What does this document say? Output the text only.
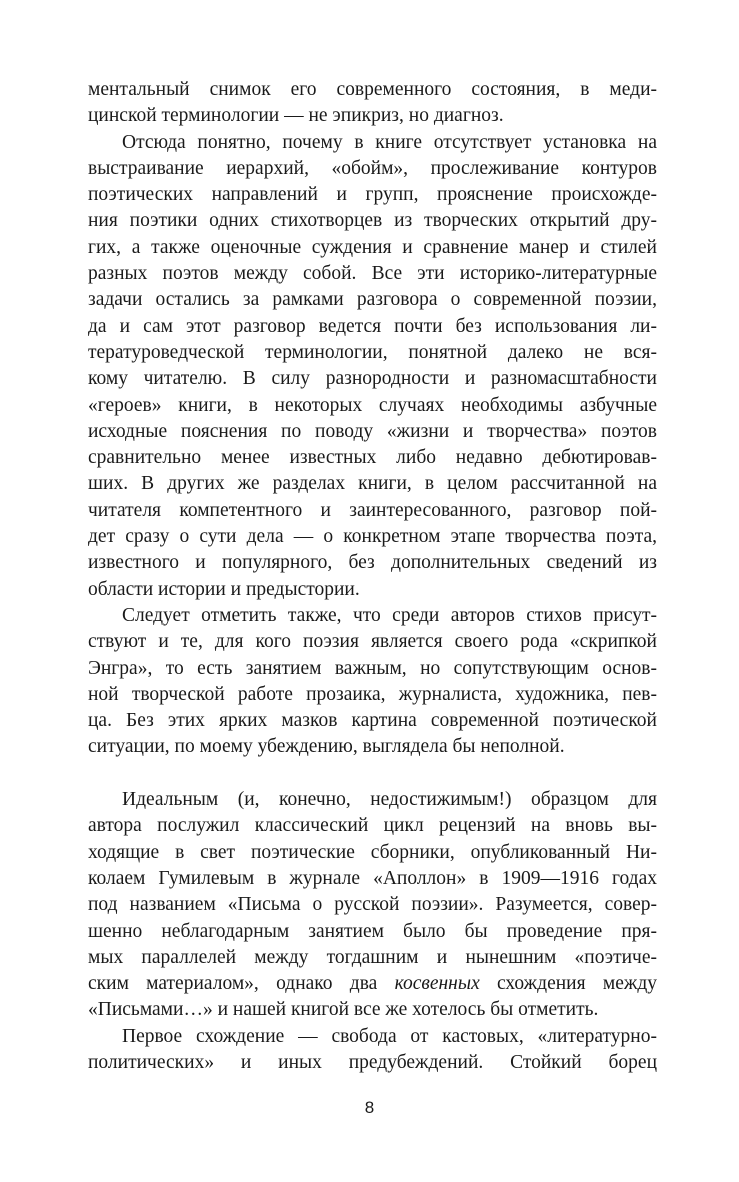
ментальный снимок его современного состояния, в меди-
цинской терминологии — не эпикриз, но диагноз.
Отсюда понятно, почему в книге отсутствует установка на
выстраивание иерархий, «обойм», прослеживание контуров
поэтических направлений и групп, прояснение происхожде-
ния поэтики одних стихотворцев из творческих открытий дру-
гих, а также оценочные суждения и сравнение манер и стилей
разных поэтов между собой. Все эти историко-литературные
задачи остались за рамками разговора о современной поэзии,
да и сам этот разговор ведется почти без использования ли-
тературоведческой терминологии, понятной далеко не вся-
кому читателю. В силу разнородности и разномасштабности
«героев» книги, в некоторых случаях необходимы азбучные
исходные пояснения по поводу «жизни и творчества» поэтов
сравнительно менее известных либо недавно дебютировав-
ших. В других же разделах книги, в целом рассчитанной на
читателя компетентного и заинтересованного, разговор пой-
дет сразу о сути дела — о конкретном этапе творчества поэта,
известного и популярного, без дополнительных сведений из
области истории и предыстории.
Следует отметить также, что среди авторов стихов присут-
ствуют и те, для кого поэзия является своего рода «скрипкой
Энгра», то есть занятием важным, но сопутствующим основ-
ной творческой работе прозаика, журналиста, художника, пев-
ца. Без этих ярких мазков картина современной поэтической
ситуации, по моему убеждению, выглядела бы неполной.
Идеальным (и, конечно, недостижимым!) образцом для
автора послужил классический цикл рецензий на вновь вы-
ходящие в свет поэтические сборники, опубликованный Ни-
колаем Гумилевым в журнале «Аполлон» в 1909—1916 годах
под названием «Письма о русской поэзии». Разумеется, совер-
шенно неблагодарным занятием было бы проведение пря-
мых параллелей между тогдашним и нынешним «поэтиче-
ским материалом», однако два косвенных схождения между
«Письмами…» и нашей книгой все же хотелось бы отметить.
Первое схождение — свобода от кастовых, «литературно-
политических» и иных предубеждений. Стойкий борец
8
